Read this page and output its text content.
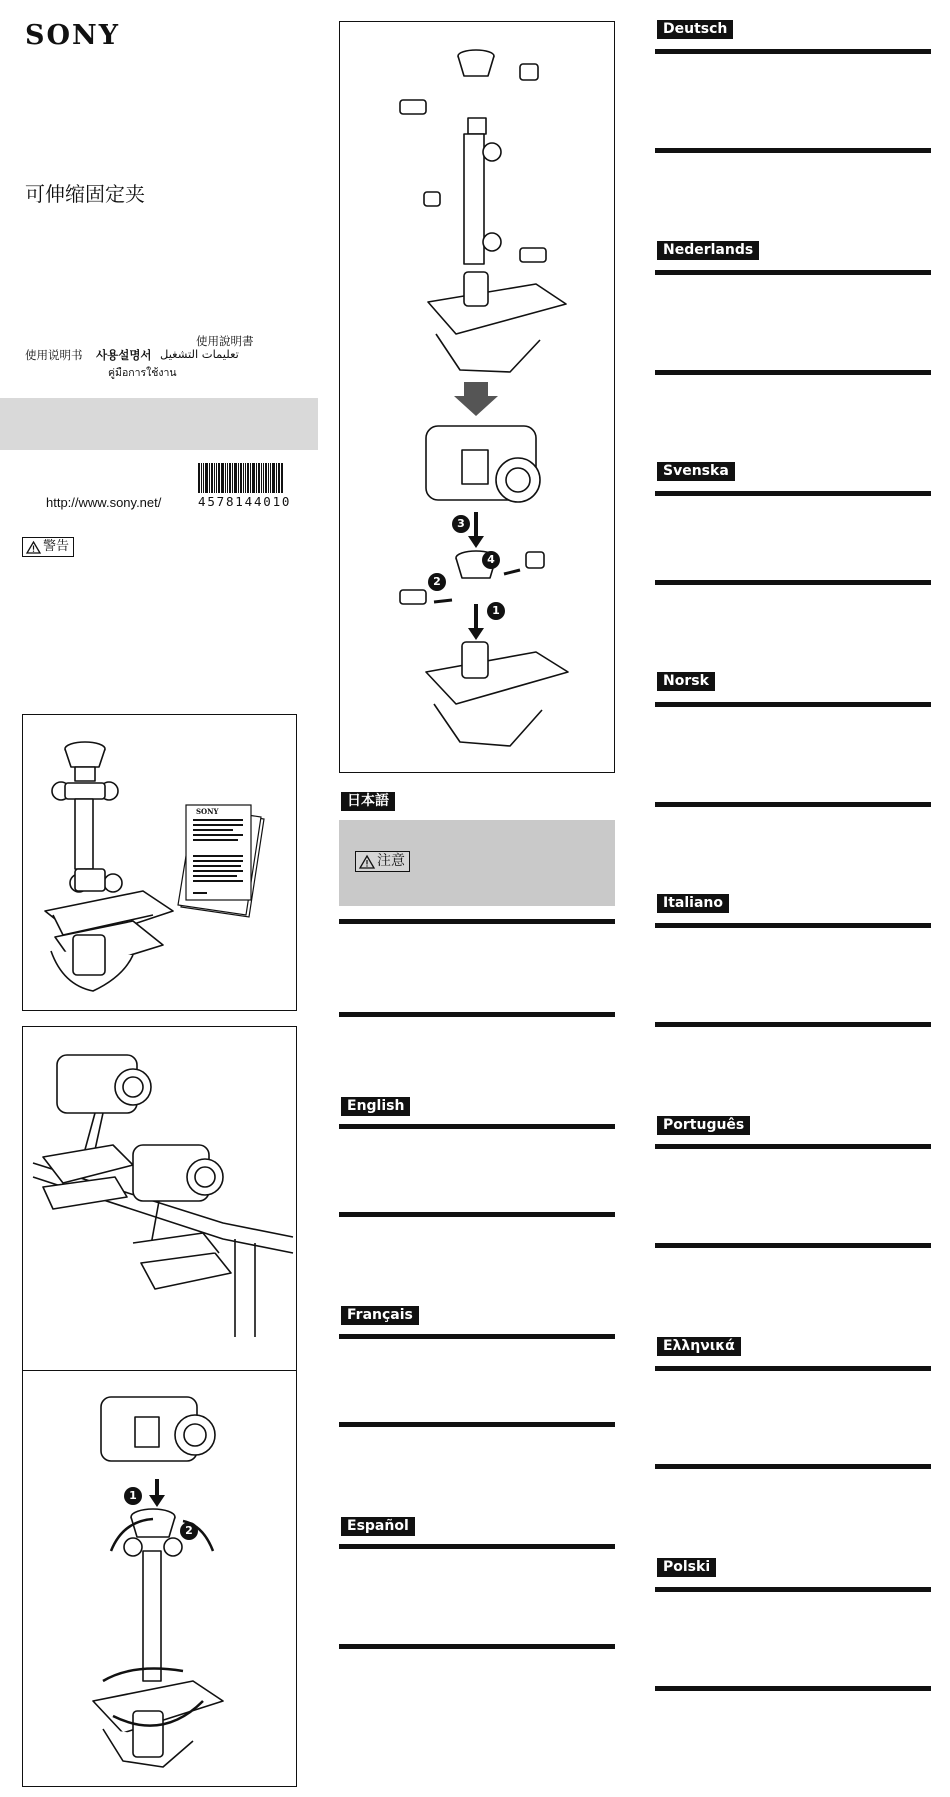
SONY
可伸缩固定夹
使用說明書
使用说明书 사용설명서 تعليمات التشغيل
คู่มือการใช้งาน
4578144010
http://www.sony.net/
警告
SONY
1
2
3
4
2
1
日本語
注意
English
Français
Español
Deutsch
Nederlands
Svenska
Norsk
Italiano
Português
Ελληνικά
Polski
